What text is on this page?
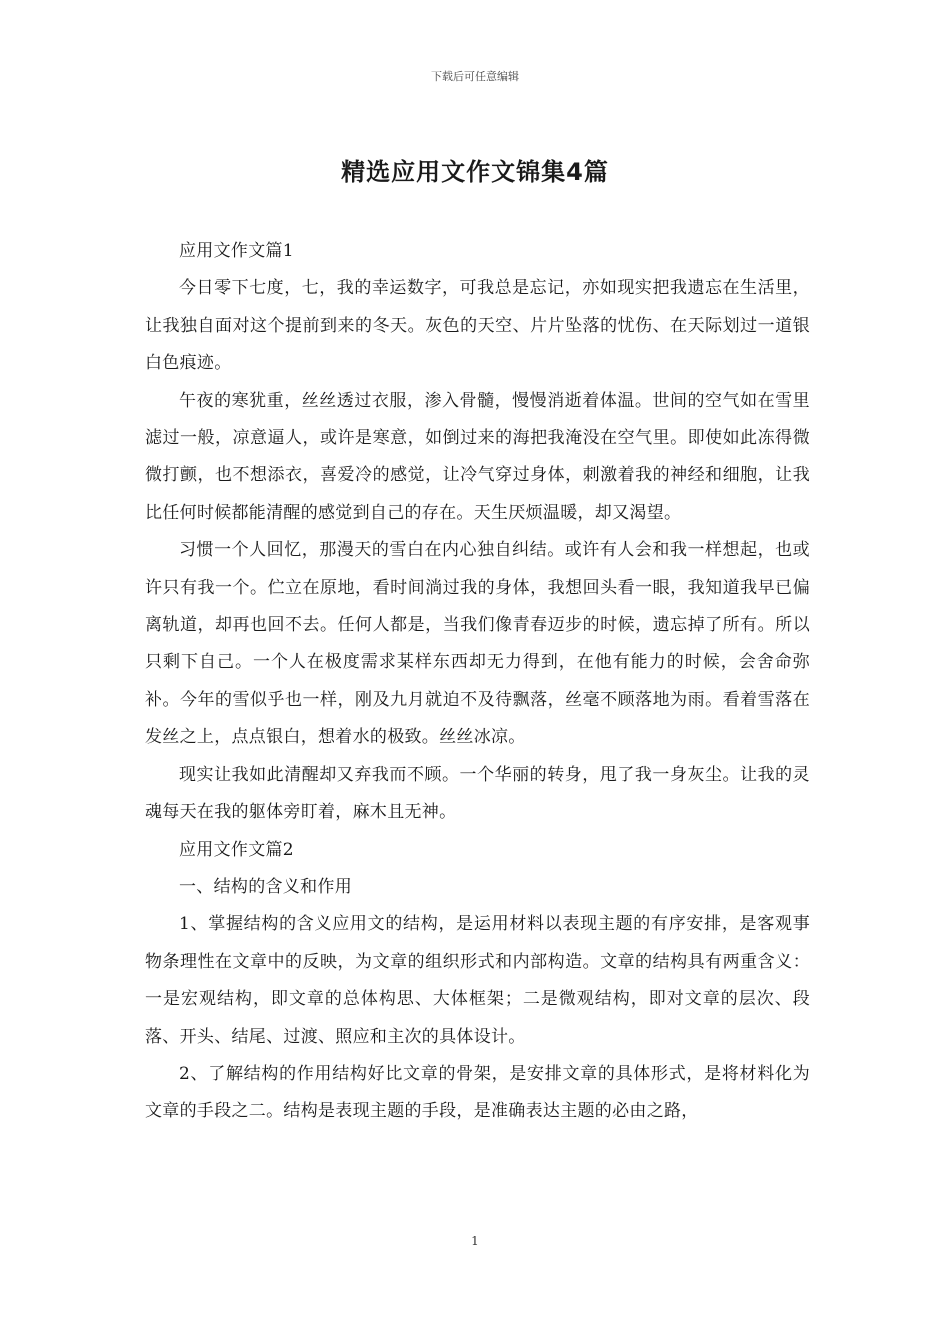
下载后可任意编辑
精选应用文作文锦集4篇

应用文作文篇1

今日零下七度，七，我的幸运数字，可我总是忘记，亦如现实把我遗忘在生活里，让我独自面对这个提前到来的冬天。灰色的天空、片片坠落的忧伤、在天际划过一道银白色痕迹。

午夜的寒犹重，丝丝透过衣服，渗入骨髓，慢慢消逝着体温。世间的空气如在雪里滤过一般，凉意逼人，或许是寒意，如倒过来的海把我淹没在空气里。即使如此冻得微微打颤，也不想添衣，喜爱冷的感觉，让冷气穿过身体，刺激着我的神经和细胞，让我比任何时候都能清醒的感觉到自己的存在。天生厌烦温暖，却又渴望。

习惯一个人回忆，那漫天的雪白在内心独自纠结。或许有人会和我一样想起，也或许只有我一个。伫立在原地，看时间淌过我的身体，我想回头看一眼，我知道我早已偏离轨道，却再也回不去。任何人都是，当我们像青春迈步的时候，遗忘掉了所有。所以只剩下自己。一个人在极度需求某样东西却无力得到，在他有能力的时候，会舍命弥补。今年的雪似乎也一样，刚及九月就迫不及待飘落，丝毫不顾落地为雨。看着雪落在发丝之上，点点银白，想着水的极致。丝丝冰凉。

现实让我如此清醒却又弃我而不顾。一个华丽的转身，甩了我一身灰尘。让我的灵魂每天在我的躯体旁盯着，麻木且无神。

应用文作文篇2

一、结构的含义和作用

1、掌握结构的含义应用文的结构，是运用材料以表现主题的有序安排，是客观事物条理性在文章中的反映，为文章的组织形式和内部构造。文章的结构具有两重含义：一是宏观结构，即文章的总体构思、大体框架；二是微观结构，即对文章的层次、段落、开头、结尾、过渡、照应和主次的具体设计。

2、了解结构的作用结构好比文章的骨架，是安排文章的具体形式，是将材料化为文章的手段之二。结构是表现主题的手段，是准确表达主题的必由之路，

1
